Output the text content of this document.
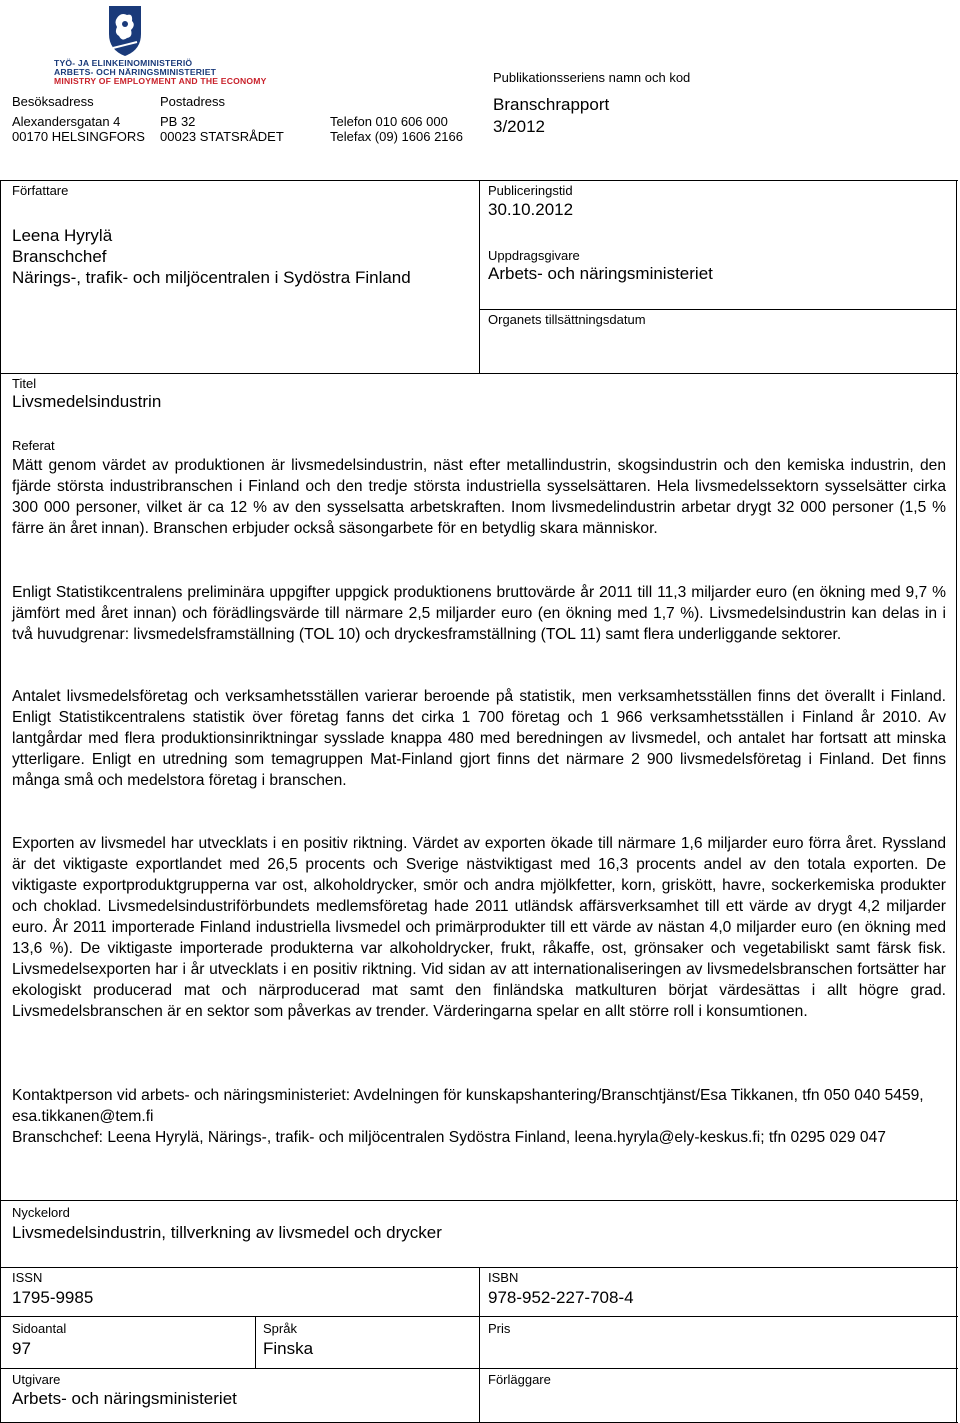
TYÖ- JA ELINKEINOMINISTERIÖ
ARBETS- OCH NÄRINGSMINISTERIET
MINISTRY OF EMPLOYMENT AND THE ECONOMY
Besöksadress
Alexandersgatan 4
00170 HELSINGFORS
Postadress
PB 32
00023 STATSRÅDET
Telefon 010 606 000
Telefax (09) 1606 2166
Publikationsseriens namn och kod
Branschrapport
3/2012
Författare
Leena Hyrylä
Branschchef
Närings-, trafik- och miljöcentralen i Sydöstra Finland
Publiceringstid
30.10.2012
Uppdragsgivare
Arbets- och näringsministeriet
Organets tillsättningsdatum
Titel
Livsmedelsindustrin
Referat

Mätt genom värdet av produktionen är livsmedelsindustrin, näst efter metallindustrin, skogsindustrin och den kemiska industrin, den fjärde största industribranschen i Finland och den tredje största industriella sysselsättaren. Hela livsmedelssektorn sysselsätter cirka 300 000 personer, vilket är ca 12 % av den sysselsatta arbetskraften. Inom livsmedelindustrin arbetar drygt 32 000 personer (1,5 % färre än året innan). Branschen erbjuder också säsongarbete för en betydlig skara människor.

Enligt Statistikcentralens preliminära uppgifter uppgick produktionens bruttovärde år 2011 till 11,3 miljarder euro (en ökning med 9,7 % jämfört med året innan) och förädlingsvärde till närmare 2,5 miljarder euro (en ökning med 1,7 %). Livsmedelsindustrin kan delas in i två huvudgrenar: livsmedelsframställning (TOL 10) och dryckesframställning (TOL 11) samt flera underliggande sektorer.

Antalet livsmedelsföretag och verksamhetsställen varierar beroende på statistik, men verksamhetsställen finns det överallt i Finland. Enligt Statistikcentralens statistik över företag fanns det cirka 1 700 företag och 1 966 verksamhetsställen i Finland år 2010. Av lantgårdar med flera produktionsinriktningar sysslade knappa 480 med beredningen av livsmedel, och antalet har fortsatt att minska ytterligare. Enligt en utredning som temagruppen Mat-Finland gjort finns det närmare 2 900 livsmedelsföretag i Finland. Det finns många små och medelstora företag i branschen.

Exporten av livsmedel har utvecklats i en positiv riktning. Värdet av exporten ökade till närmare 1,6 miljarder euro förra året. Ryssland är det viktigaste exportlandet med 26,5 procents och Sverige nästviktigast med 16,3 procents andel av den totala exporten. De viktigaste exportproduktgrupperna var ost, alkoholdrycker, smör och andra mjölkfetter, korn, griskött, havre, sockerkemiska produkter och choklad. Livsmedelsindustriförbundets medlemsföretag hade 2011 utländsk affärsverksamhet till ett värde av drygt 4,2 miljarder euro. År 2011 importerade Finland industriella livsmedel och primärprodukter till ett värde av nästan 4,0 miljarder euro (en ökning med 13,6 %). De viktigaste importerade produkterna var alkoholdrycker, frukt, råkaffe, ost, grönsaker och vegetabiliskt samt färsk fisk. Livsmedelsexporten har i år utvecklats i en positiv riktning. Vid sidan av att internationaliseringen av livsmedelsbranschen fortsätter har ekologiskt producerad mat och närproducerad mat samt den finländska matkulturen börjat värdesättas i allt högre grad. Livsmedelsbranschen är en sektor som påverkas av trender. Värderingarna spelar en allt större roll i konsumtionen.

Kontaktperson vid arbets- och näringsministeriet: Avdelningen för kunskapshantering/Branschtjänst/Esa Tikkanen, tfn 050 040 5459, esa.tikkanen@tem.fi

Branschchef: Leena Hyrylä, Närings-, trafik- och miljöcentralen Sydöstra Finland, leena.hyryla@ely-keskus.fi; tfn 0295 029 047

Nyckelord
Livsmedelsindustrin, tillverkning av livsmedel och drycker
ISSN
1795-9985
ISBN
978-952-227-708-4
Sidoantal
97
Språk
Finska
Pris
Utgivare
Arbets- och näringsministeriet
Förläggare
